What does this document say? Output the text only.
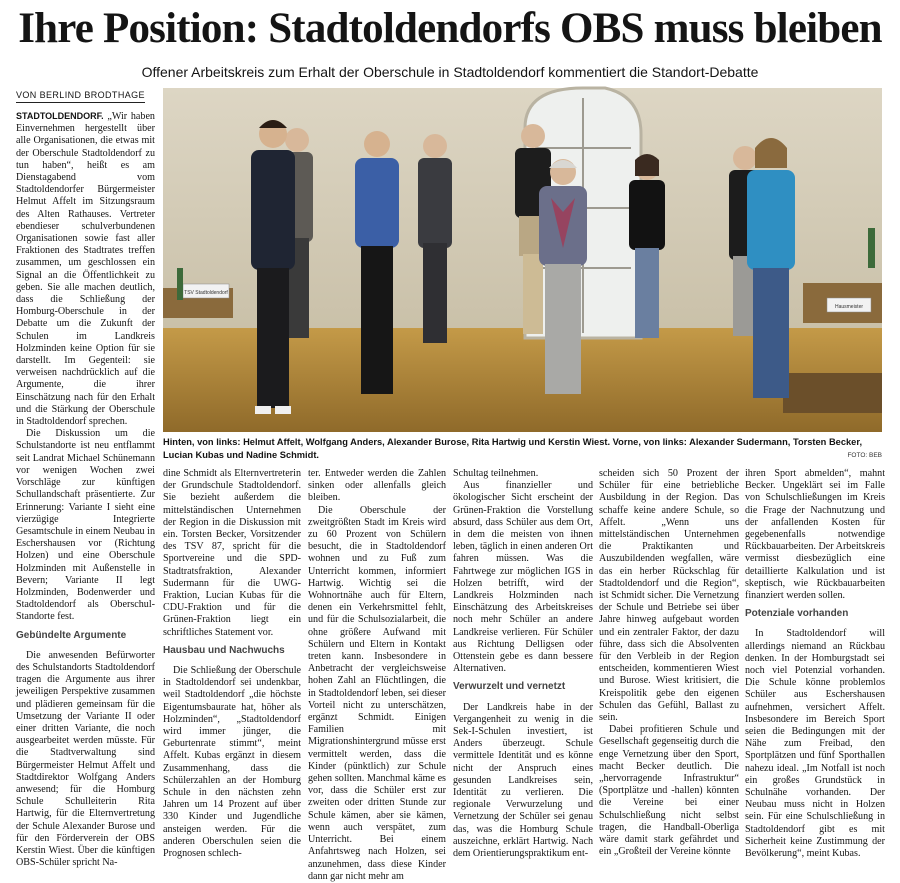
Ihre Position: Stadtoldendorfs OBS muss bleiben
Offener Arbeitskreis zum Erhalt der Oberschule in Stadtoldendorf kommentiert die Standort-Debatte
VON BERLIND BRODTHAGE
TSV Stadtoldendorf
Hausmeister
Hinten, von links: Helmut Affelt, Wolfgang Anders, Alexander Burose, Rita Hartwig und Kerstin Wiest. Vorne, von links: Alexander Sudermann, Torsten Becker, Lucian Kubas und Nadine Schmidt.	FOTO: BEB

STADTOLDENDORF. „Wir haben Einvernehmen hergestellt über alle Organisationen, die etwas mit der Oberschule Stadtoldendorf zu tun haben“, heißt es am Dienstagabend vom Stadtoldendorfer Bürgermeister Helmut Affelt im Sitzungsraum des Alten Rathauses. Vertreter ebendieser schulverbundenen Organisationen sowie fast aller Fraktionen des Stadtrates treffen zusammen, um geschlossen ein Signal an die Öffentlichkeit zu geben. Sie alle machen deutlich, dass die Schließung der Homburg-Oberschule in der Debatte um die Zukunft der Schulen im Landkreis Holzminden keine Option für sie darstellt. Im Gegenteil: sie verweisen nachdrücklich auf die Argumente, die ihrer Einschätzung nach für den Erhalt und die Stärkung der Oberschule in Stadtoldendorf sprechen.

Die Diskussion um die Schulstandorte ist neu entflammt seit Landrat Michael Schünemann vor wenigen Wochen zwei Vorschläge zur künftigen Schullandschaft präsentierte. Zur Erinnerung: Variante I sieht eine vierzügige Integrierte Gesamtschule in einem Neubau in Eschershausen vor (Richtung Holzen) und eine Oberschule Holzminden mit Außenstelle in Bevern; Variante II legt Holzminden, Bodenwerder und Stadtoldendorf als Oberschul-Standorte fest.

Gebündelte Argumente

Die anwesenden Befürworter des Schulstandorts Stadtoldendorf tragen die Argumente aus ihrer jeweiligen Perspektive zusammen und plädieren gemeinsam für die Umsetzung der Variante II oder einer dritten Variante, die noch ausgearbeitet werden müsste. Für die Stadtverwaltung sind Bürgermeister Helmut Affelt und Stadtdirektor Wolfgang Anders anwesend; für die Homburg Schule Schulleiterin Rita Hartwig, für die Elternvertretung der Schule Alexander Burose und für den Förderverein der OBS Kerstin Wiest. Über die künftigen OBS-Schüler spricht Na-

dine Schmidt als Elternvertreterin der Grundschule Stadtoldendorf. Sie bezieht außerdem die mittelständischen Unternehmen der Region in die Diskussion mit ein. Torsten Becker, Vorsitzender des TSV 87, spricht für die Sportvereine und die SPD-Stadtratsfraktion, Alexander Sudermann für die UWG-Fraktion, Lucian Kubas für die CDU-Fraktion und für die Grünen-Fraktion liegt ein schriftliches Statement vor.

Hausbau und Nachwuchs

Die Schließung der Oberschule in Stadtoldendorf sei undenkbar, weil Stadtoldendorf „die höchste Eigentumsbaurate hat, höher als Holzminden“, „Stadtoldendorf wird immer jünger, die Geburtenrate stimmt“, meint Affelt. Kubas ergänzt in diesem Zusammenhang, dass die Schülerzahlen an der Homburg Schule in den nächsten zehn Jahren um 14 Prozent auf über 330 Kinder und Jugendliche ansteigen werden. Für die anderen Oberschulen seien die Prognosen schlech-

ter. Entweder werden die Zahlen sinken oder allenfalls gleich bleiben.

Die Oberschule der zweitgrößten Stadt im Kreis wird zu 60 Prozent von Schülern besucht, die in Stadtoldendorf wohnen und zu Fuß zum Unterricht kommen, informiert Hartwig. Wichtig sei die Wohnortnähe auch für Eltern, denen ein Verkehrsmittel fehlt, und für die Schulsozialarbeit, die ohne größere Aufwand mit Schülern und Eltern in Kontakt treten kann. Insbesondere in Anbetracht der vergleichsweise hohen Zahl an Flüchtlingen, die in Stadtoldendorf leben, sei dieser Vorteil nicht zu unterschätzen, ergänzt Schmidt. Einigen Familien mit Migrationshintergrund müsse erst vermittelt werden, dass die Kinder (pünktlich) zur Schule gehen sollten. Manchmal käme es vor, dass die Schüler erst zur zweiten oder dritten Stunde zur Schule kämen, aber sie kämen, wenn auch verspätet, zum Unterricht. Bei einem Anfahrtsweg nach Holzen, sei anzunehmen, dass diese Kinder dann gar nicht mehr am

Schultag teilnehmen.

Aus finanzieller und ökologischer Sicht erscheint der Grünen-Fraktion die Vorstellung absurd, dass Schüler aus dem Ort, in dem die meisten von ihnen leben, täglich in einen anderen Ort fahren müssen. Was die Fahrtwege zur möglichen IGS in Holzen betrifft, wird der Landkreis Holzminden nach Einschätzung des Arbeitskreises noch mehr Schüler an andere Landkreise verlieren. Für Schüler aus Richtung Delligsen oder Ottenstein gebe es dann bessere Alternativen.

Verwurzelt und vernetzt

Der Landkreis habe in der Vergangenheit zu wenig in die Sek-I-Schulen investiert, ist Anders überzeugt. Schule vermittele Identität und es könne nicht der Anspruch eines gesunden Landkreises sein, Identität zu verlieren. Die regionale Verwurzelung und Vernetzung der Schüler sei genau das, was die Homburg Schule auszeichne, erklärt Hartwig. Nach dem Orientierungspraktikum ent-

scheiden sich 50 Prozent der Schüler für eine betriebliche Ausbildung in der Region. Das schaffe keine andere Schule, so Affelt. „Wenn uns mittelständischen Unternehmen die Praktikanten und Auszubildenden wegfallen, wäre das ein herber Rückschlag für Stadtoldendorf und die Region“, ist Schmidt sicher. Die Vernetzung der Schule und Betriebe sei über Jahre hinweg aufgebaut worden und ein zentraler Faktor, der dazu führe, dass sich die Absolventen für den Verbleib in der Region entscheiden, kommentieren Wiest und Burose. Wiest kritisiert, die Kreispolitik gebe den eigenen Schulen das Gefühl, Ballast zu sein.

Dabei profitieren Schule und Gesellschaft gegenseitig durch die enge Vernetzung über den Sport, macht Becker deutlich. Die „hervorragende Infrastruktur“ (Sportplätze und -hallen) könnten die Vereine bei einer Schulschließung nicht selbst tragen, die Handball-Oberliga wäre damit stark gefährdet und ein „Großteil der Vereine könnte

ihren Sport abmelden“, mahnt Becker. Ungeklärt sei im Falle von Schulschließungen im Kreis die Frage der Nachnutzung und der anfallenden Kosten für gegebenenfalls notwendige Rückbauarbeiten. Der Arbeitskreis vermisst diesbezüglich eine detaillierte Kalkulation und ist skeptisch, wie Rückbauarbeiten finanziert werden sollen.

Potenziale vorhanden

In Stadtoldendorf will allerdings niemand an Rückbau denken. In der Homburgstadt sei noch viel Potenzial vorhanden. Die Schule könne problemlos Schüler aus Eschershausen aufnehmen, versichert Affelt. Insbesondere im Bereich Sport seien die Bedingungen mit der Nähe zum Freibad, den Sportplätzen und fünf Sporthallen nahezu ideal. „Im Notfall ist noch ein großes Grundstück in Schulnähe vorhanden. Der Neubau muss nicht in Holzen sein. Für eine Schulschließung in Stadtoldendorf gibt es mit Sicherheit keine Zustimmung der Bevölkerung“, meint Kubas.
